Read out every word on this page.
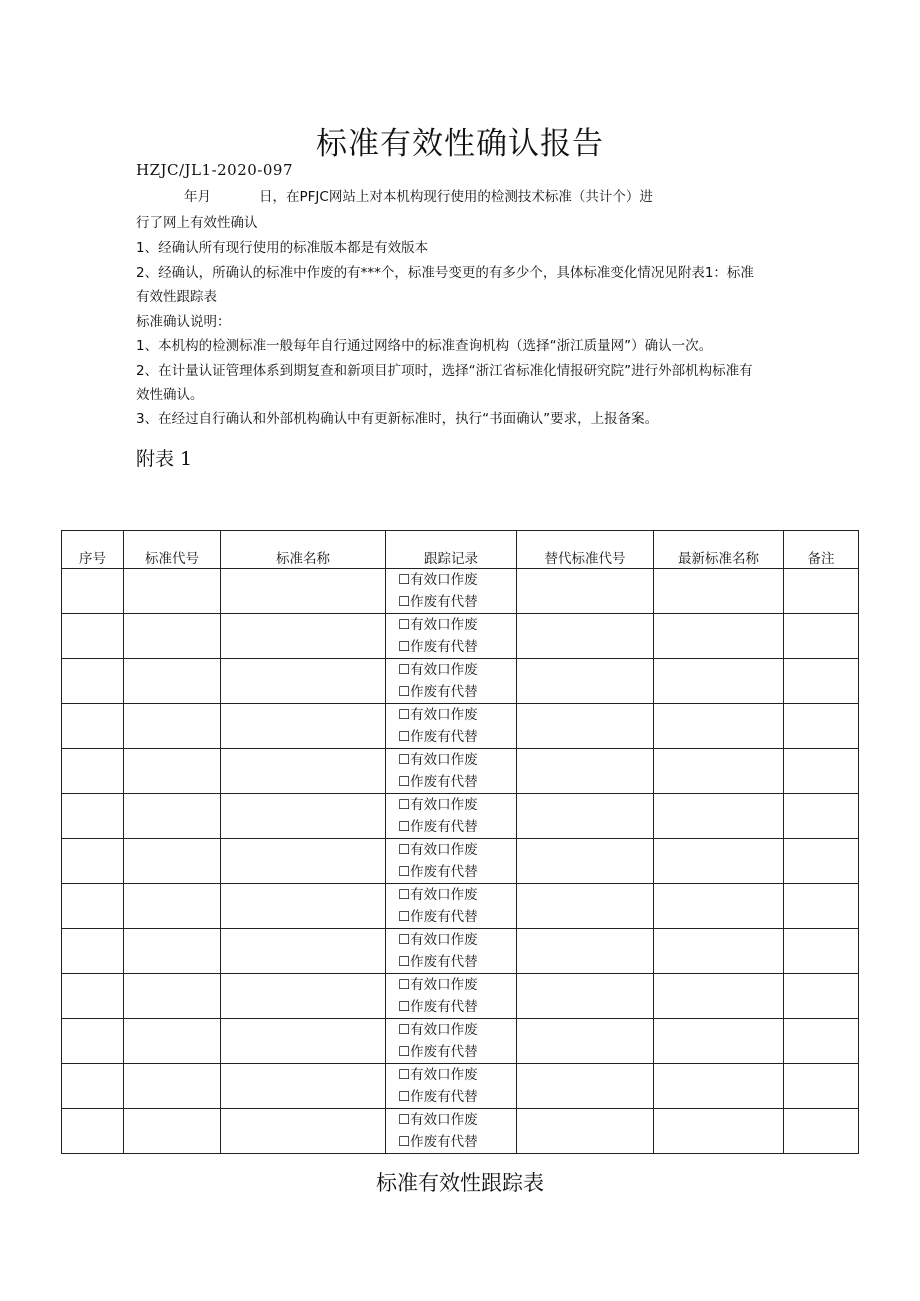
标准有效性确认报告
HZJC/JL1-2020-097
年月	日，在PFJC网站上对本机构现行使用的检测技术标准（共计个）进
行了网上有效性确认
1、经确认所有现行使用的标准版本都是有效版本
2、经确认，所确认的标准中作废的有***个，标准号变更的有多少个，具体标准变化情况见附表1：标准
有效性跟踪表
标准确认说明：
1、本机构的检测标准一般每年自行通过网络中的标准查询机构（选择“浙江质量网”）确认一次。
2、在计量认证管理体系到期复查和新项目扩项时，选择“浙江省标准化情报研究院”进行外部机构标准有
效性确认。
3、在经过自行确认和外部机构确认中有更新标准时，执行“书面确认”要求，上报备案。
附表 1
序号	标准代号	标准名称	跟踪记录	替代标准代号	最新标准名称	备注

			☐有效口作废
☐作废有代替			

			☐有效口作废
☐作废有代替			

			☐有效口作废
☐作废有代替			

			☐有效口作废
☐作废有代替			

			☐有效口作废
☐作废有代替			

			☐有效口作废
☐作废有代替			

			☐有效口作废
☐作废有代替			

			☐有效口作废
☐作废有代替			

			☐有效口作废
☐作废有代替			

			☐有效口作废
☐作废有代替			

			☐有效口作废
☐作废有代替			

			☐有效口作废
☐作废有代替			

			☐有效口作废
☐作废有代替			

标准有效性跟踪表
